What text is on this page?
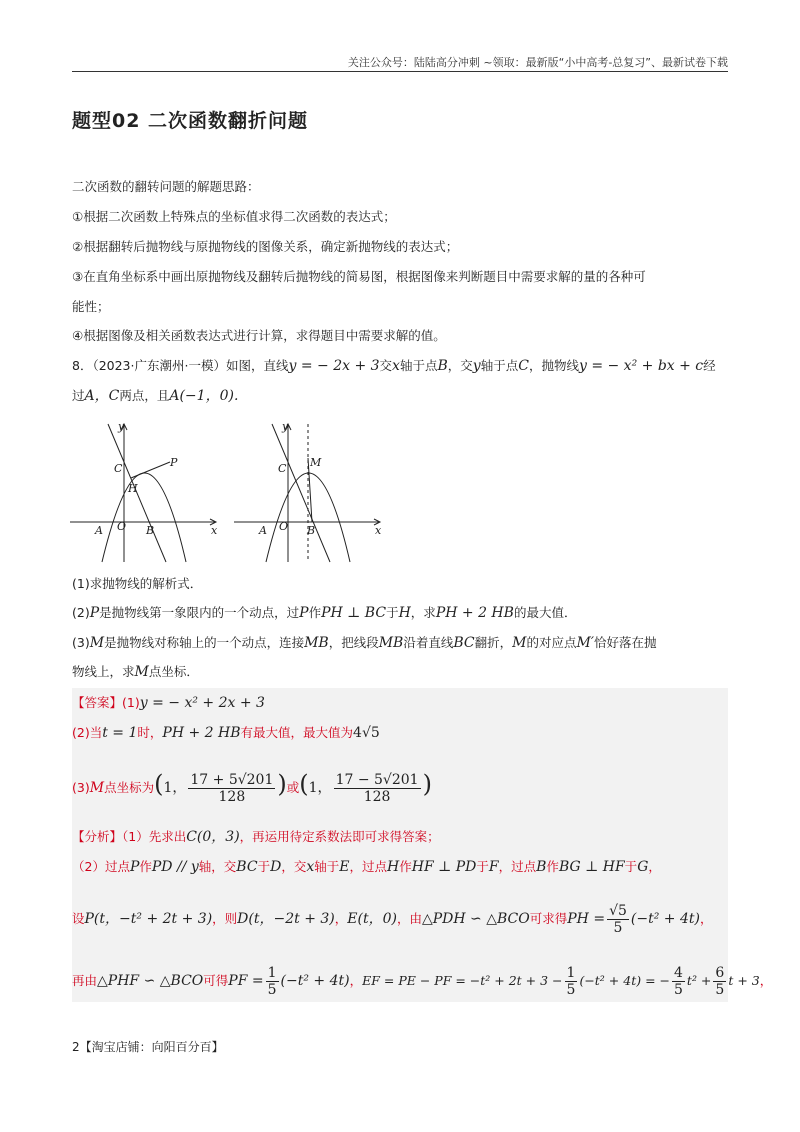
关注公众号：陆陆高分冲刺 ~领取：最新版“小中高考-总复习”、最新试卷下载
题型02 二次函数翻折问题
二次函数的翻转问题的解题思路：
①根据二次函数上特殊点的坐标值求得二次函数的表达式；
②根据翻转后抛物线与原抛物线的图像关系，确定新抛物线的表达式；
③在直角坐标系中画出原抛物线及翻转后抛物线的简易图，根据图像来判断题目中需要求解的量的各种可
能性；
④根据图像及相关函数表达式进行计算，求得题目中需要求解的值。
8．（2023·广东潮州·一模）如图，直线y = − 2x + 3交x轴于点B，交y轴于点C，抛物线y = − x² + bx + c经
过A，C两点，且A(−1，0).
y
C	P
H
A O B	x
y
C M
A O B	x
(1)求抛物线的解析式．
(2)P是抛物线第一象限内的一个动点，过P作PH ⊥ BC于H，求PH + 2 HB的最大值．
(3)M是抛物线对称轴上的一个动点，连接MB，把线段MB沿着直线BC翻折，M的对应点M′恰好落在抛
物线上，求M点坐标．
【答案】(1)y = − x² + 2x + 3
(2)当t = 1时，PH + 2 HB有最大值，最大值为4√5
(3)M点坐标为(1， $\frac{17 + 5√201}{128}$ )或(1， $\frac{17 - 5√201}{128}$ )
【分析】（1）先求出C(0，3)，再运用待定系数法即可求得答案；
（2）过点P作PD // y轴，交BC于D，交x轴于E，过点H作HF ⊥ PD于F，过点B作BG ⊥ HF于G，
设P(t，−t² + 2t + 3)，则D(t，−2t + 3)，E(t，0)，由△PDH ∽ △BCO可求得PH = $\frac{√5}{5} (-t^2 + 4t)$，
再由△PHF ∽ △BCO可得PF = $\frac{1}{5} (-t^2 + 4t)$，EF = PE − PF = $-t^2 + 2t + 3 - \frac{1}{5} (-t^2 + 4t)$ = − $\frac{4}{5} t^2 + \frac{6}{5}$ t + 3，
2【淘宝店铺：向阳百分百】
